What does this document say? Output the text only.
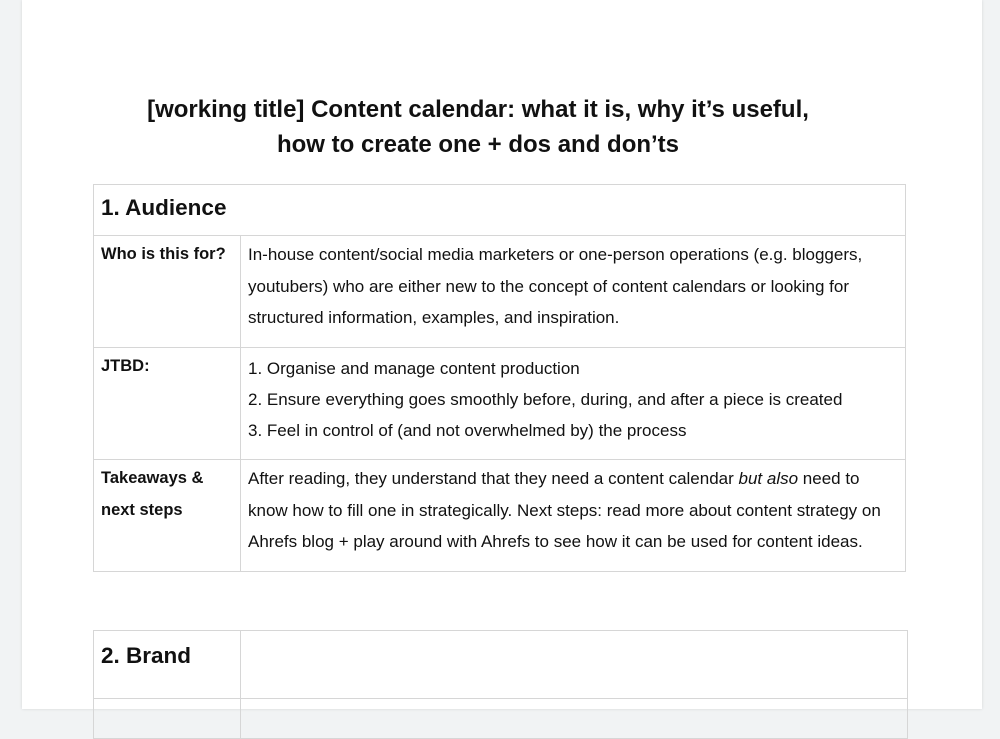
[working title] Content calendar: what it is, why it’s useful,
how to create one + dos and don’ts
1. Audience	
Who is this for?	In-house content/social media marketers or one-person operations (e.g. bloggers, youtubers) who are either new to the concept of content calendars or looking for structured information, examples, and inspiration.
JTBD:	1. Organise and manage content production
2. Ensure everything goes smoothly before, during, and after a piece is created
3. Feel in control of (and not overwhelmed by) the process

Takeaways & next steps	After reading, they understand that they need a content calendar but also need to know how to fill one in strategically. Next steps: read more about content strategy on Ahrefs blog + play around with Ahrefs to see how it can be used for content ideas.
2. Brand	
